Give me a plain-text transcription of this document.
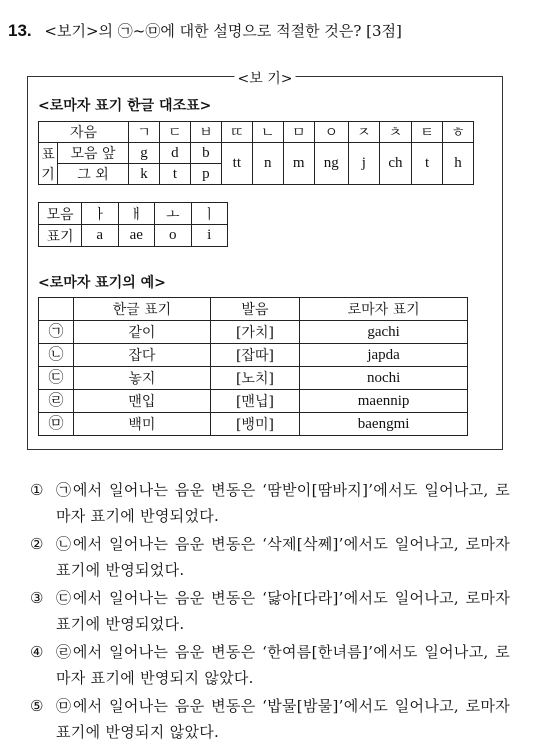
13. <보기>의 ㉠~㉤에 대한 설명으로 적절한 것은? [3점]
<보 기>
<로마자 표기 한글 대조표>
자음		ㄱ	ㄷ	ㅂ	ㄸ	ㄴ	ㅁ	ㅇ	ㅈ	ㅊ	ㅌ	ㅎ
표
기	모음 앞	g	d	b	tt	n	m	ng	j	ch	t	h
	그 외	k	t	p								
모음	ㅏ	ㅐ	ㅗ	ㅣ
표기	a	ae	o	i
<로마자 표기의 예>
	한글 표기	발음	로마자 표기
㉠	같이	[가치]	gachi
㉡	잡다	[잡따]	japda
㉢	놓지	[노치]	nochi
㉣	맨입	[맨닙]	maennip
㉤	백미	[뱅미]	baengmi
① ㉠에서 일어나는 음운 변동은 ‘땀받이[땀바지]’에서도 일어나고, 로마자 표기에 반영되었다.
② ㉡에서 일어나는 음운 변동은 ‘삭제[삭쩨]’에서도 일어나고, 로마자 표기에 반영되었다.
③ ㉢에서 일어나는 음운 변동은 ‘닳아[다라]’에서도 일어나고, 로마자 표기에 반영되었다.
④ ㉣에서 일어나는 음운 변동은 ‘한여름[한녀름]’에서도 일어나고, 로마자 표기에 반영되지 않았다.
⑤ ㉤에서 일어나는 음운 변동은 ‘밥물[밤물]’에서도 일어나고, 로마자 표기에 반영되지 않았다.
